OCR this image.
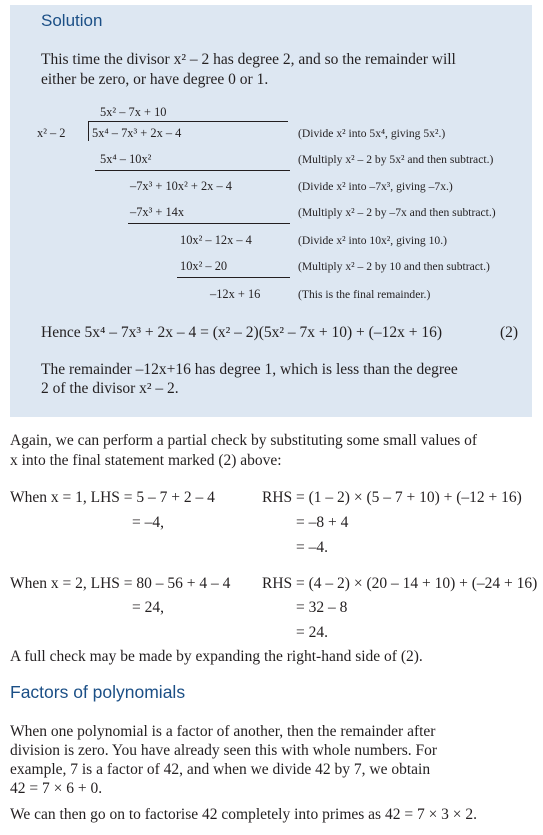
Solution
This time the divisor x² – 2 has degree 2, and so the remainder will
either be zero, or have degree 0 or 1.
5x² – 7x + 10
x² – 2 5x⁴ – 7x³ + 2x – 4
5x⁴ – 10x²
–7x³ + 10x² + 2x – 4
–7x³ + 14x
10x² – 12x – 4
10x² – 20
–12x + 16
(Divide x² into 5x⁴, giving 5x².)
(Multiply x² – 2 by 5x² and then subtract.)
(Divide x² into –7x³, giving –7x.)
(Multiply x² – 2 by –7x and then subtract.)
(Divide x² into 10x², giving 10.)
(Multiply x² – 2 by 10 and then subtract.)
(This is the final remainder.)
Hence 5x⁴ – 7x³ + 2x – 4 = (x² – 2)(5x² – 7x + 10) + (–12x + 16)	(2)
The remainder –12x+16 has degree 1, which is less than the degree
2 of the divisor x² – 2.
Again, we can perform a partial check by substituting some small values of
x into the final statement marked (2) above:
When x = 1, LHS = 5 – 7 + 2 – 4
= –4,
RHS = (1 – 2) × (5 – 7 + 10) + (–12 + 16)
= –8 + 4
= –4.
When x = 2, LHS = 80 – 56 + 4 – 4
= 24,
RHS = (4 – 2) × (20 – 14 + 10) + (–24 + 16)
= 32 – 8
= 24.
A full check may be made by expanding the right-hand side of (2).
Factors of polynomials
When one polynomial is a factor of another, then the remainder after
division is zero. You have already seen this with whole numbers. For
example, 7 is a factor of 42, and when we divide 42 by 7, we obtain
42 = 7 × 6 + 0.
We can then go on to factorise 42 completely into primes as 42 = 7 × 3 × 2.
